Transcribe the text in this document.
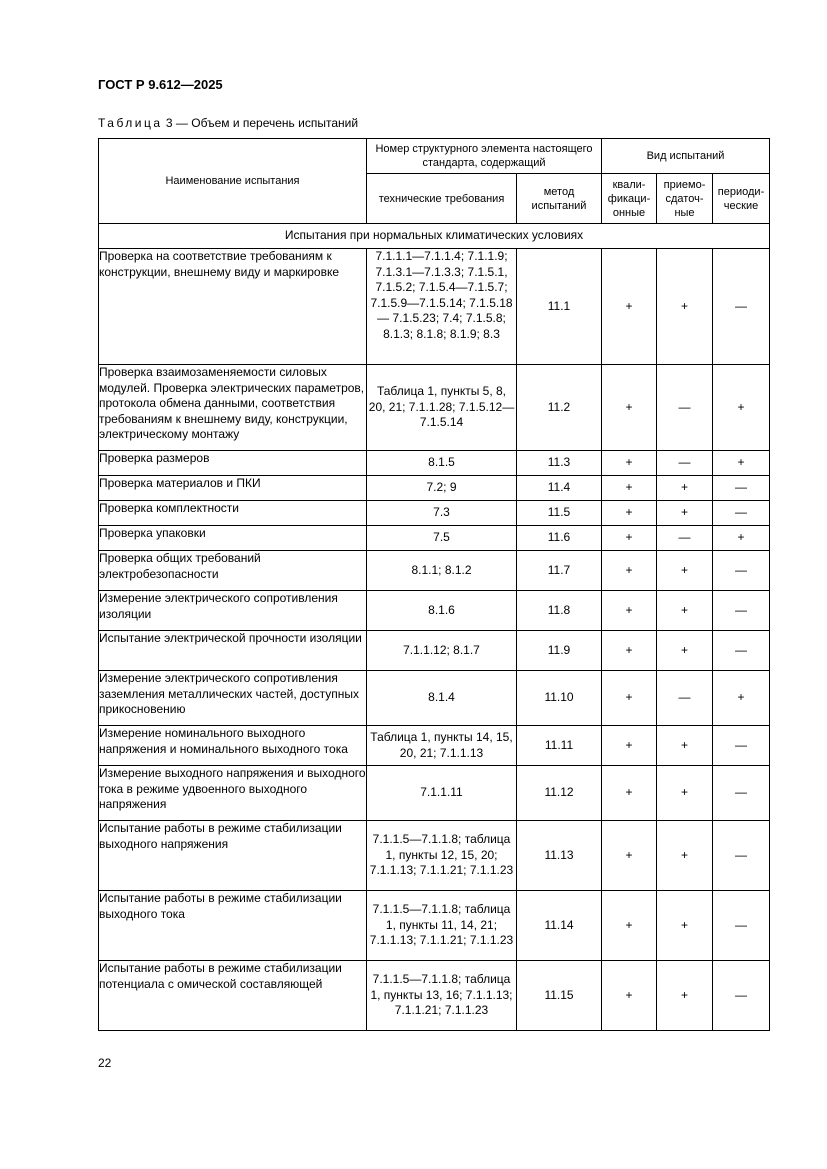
ГОСТ Р 9.612—2025
Таблица 3 — Объем и перечень испытаний
Наименование испытания	Номер структурного элемента настоящего стандарта, содержащий		Вид испытаний		
	технические требования	метод испытаний	квали-фикаци-онные	приемо-сдаточ-ные	периоди-ческие
Испытания при нормальных климатических условиях					
Проверка на соответствие требованиям к конструкции, внешнему виду и маркировке	7.1.1.1—7.1.1.4; 7.1.1.9; 7.1.3.1—7.1.3.3; 7.1.5.1, 7.1.5.2; 7.1.5.4—7.1.5.7; 7.1.5.9—7.1.5.14; 7.1.5.18— 7.1.5.23; 7.4; 7.1.5.8; 8.1.3; 8.1.8; 8.1.9; 8.3	11.1	+	+	—
Проверка взаимозаменяемости силовых модулей. Проверка электрических параметров, протокола обмена данными, соответствия требованиям к внешнему виду, конструкции, электрическому монтажу	Таблица 1, пункты 5, 8, 20, 21; 7.1.1.28; 7.1.5.12—7.1.5.14	11.2	+	—	+
Проверка размеров	8.1.5	11.3	+	—	+
Проверка материалов и ПКИ	7.2; 9	11.4	+	+	—
Проверка комплектности	7.3	11.5	+	+	—
Проверка упаковки	7.5	11.6	+	—	+
Проверка общих требований электробезопасности	8.1.1; 8.1.2	11.7	+	+	—
Измерение электрического сопротивления изоляции	8.1.6	11.8	+	+	—
Испытание электрической прочности изоляции	7.1.1.12; 8.1.7	11.9	+	+	—
Измерение электрического сопротивления заземления металлических частей, доступных прикосновению	8.1.4	11.10	+	—	+
Измерение номинального выходного напряжения и номинального выходного тока	Таблица 1, пункты 14, 15, 20, 21; 7.1.1.13	11.11	+	+	—
Измерение выходного напряжения и выходного тока в режиме удвоенного выходного напряжения	7.1.1.11	11.12	+	+	—
Испытание работы в режиме стабилизации выходного напряжения	7.1.1.5—7.1.1.8; таблица 1, пункты 12, 15, 20; 7.1.1.13; 7.1.1.21; 7.1.1.23	11.13	+	+	—
Испытание работы в режиме стабилизации выходного тока	7.1.1.5—7.1.1.8; таблица 1, пункты 11, 14, 21; 7.1.1.13; 7.1.1.21; 7.1.1.23	11.14	+	+	—
Испытание работы в режиме стабилизации потенциала с омической составляющей	7.1.1.5—7.1.1.8; таблица 1, пункты 13, 16; 7.1.1.13; 7.1.1.21; 7.1.1.23	11.15	+	+	—
22
